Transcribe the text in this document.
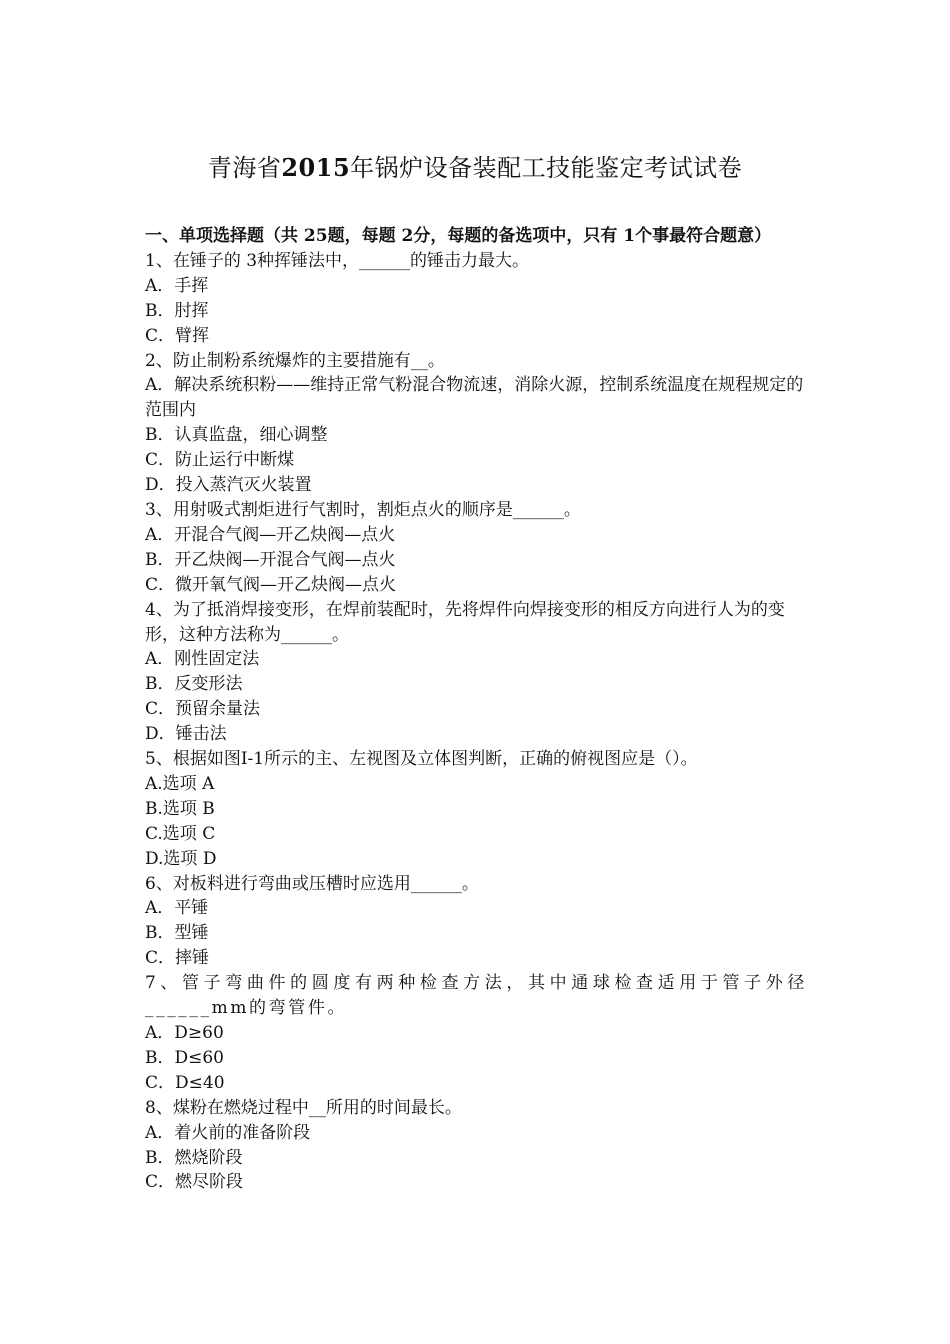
青海省2015年锅炉设备装配工技能鉴定考试试卷
一、单项选择题（共 25题，每题 2分，每题的备选项中，只有 1个事最符合题意）
1、在锤子的 3种挥锤法中，______的锤击力最大。
A．手挥
B．肘挥
C．臂挥
2、防止制粉系统爆炸的主要措施有__。
A．解决系统积粉——维持正常气粉混合物流速，消除火源，控制系统温度在规程规定的范围内
B．认真监盘，细心调整
C．防止运行中断煤
D．投入蒸汽灭火装置
3、用射吸式割炬进行气割时，割炬点火的顺序是______。
A．开混合气阀—开乙炔阀—点火
B．开乙炔阀—开混合气阀—点火
C．微开氧气阀—开乙炔阀—点火
4、为了抵消焊接变形，在焊前装配时，先将焊件向焊接变形的相反方向进行人为的变形，这种方法称为______。
A．刚性固定法
B．反变形法
C．预留余量法
D．锤击法
5、根据如图Ⅰ-1所示的主、左视图及立体图判断，正确的俯视图应是（）。
A.选项 A
B.选项 B
C.选项 C
D.选项 D
6、对板料进行弯曲或压槽时应选用______。
A．平锤
B．型锤
C．摔锤
7、管子弯曲件的圆度有两种检查方法，其中通球检查适用于管子外径______mm的弯管件。
A．D≥60
B．D≤60
C．D≤40
8、煤粉在燃烧过程中__所用的时间最长。
A．着火前的准备阶段
B．燃烧阶段
C．燃尽阶段
